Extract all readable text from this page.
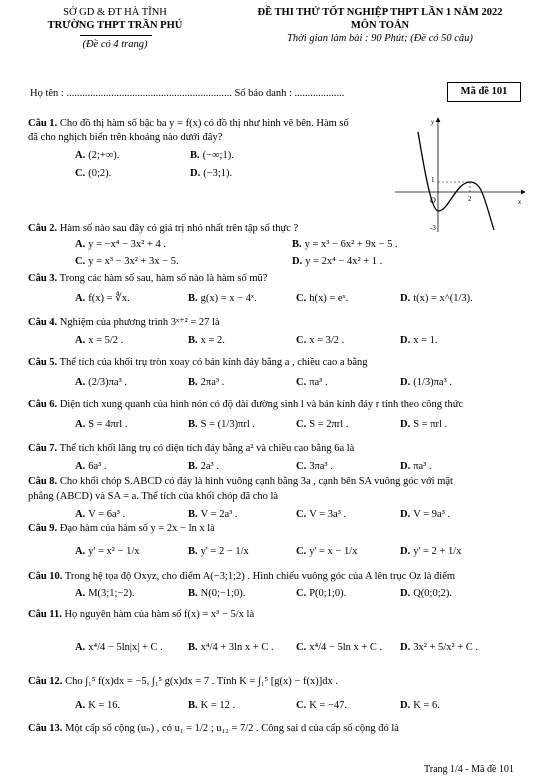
SỞ GD & ĐT HÀ TĨNH
TRƯỜNG THPT TRẦN PHÚ
(Đề có 4 trang)
ĐỀ THI THỬ TỐT NGHIỆP THPT LẦN 1 NĂM 2022
MÔN TOÁN
Thời gian làm bài : 90 Phút; (Đề có 50 câu)
Họ tên : ............................................................... Số báo danh : ...................	Mã đề 101
Câu 1. Cho đồ thị hàm số bậc ba y = f(x) có đồ thị như hình vẽ bên. Hàm số
đã cho nghịch biến trên khoảng nào dưới đây?
A. (2;+∞).	B. (−∞;1).
C. (0;2).	D. (−3;1).
y
x
O
1
2
-3
Câu 2. Hàm số nào sau đây có giá trị nhỏ nhất trên tập số thực ?
A. y = −x⁴ − 3x² + 4 .	B. y = x³ − 6x² + 9x − 5 .
C. y = x³ − 3x² + 3x − 5.	D. y = 2x⁴ − 4x² + 1 .
Câu 3. Trong các hàm số sau, hàm số nào là hàm số mũ?
A. f(x) = ∜x.	B. g(x) = x − 4ˣ.	C. h(x) = eˣ.	D. t(x) = x^(1/3).
Câu 4. Nghiệm của phương trình 3ˣ⁺² = 27 là
A. x = 5/2 .	B. x = 2.	C. x = 3/2 .	D. x = 1.
Câu 5. Thể tích của khối trụ tròn xoay có bán kính đáy bằng a , chiều cao a bằng
A. (2/3)πa³ .	B. 2πa³ .	C. πa³ .	D. (1/3)πa³ .
Câu 6. Diện tích xung quanh của hình nón có độ dài đường sinh l và bán kính đáy r tính theo công thức
A. S = 4πrl .	B. S = (1/3)πrl .	C. S = 2πrl .	D. S = πrl .
Câu 7. Thể tích khối lăng trụ có diện tích đáy bằng a² và chiều cao bằng 6a là
A. 6a³ .	B. 2a³ .	C. 3πa³ .	D. πa³ .
Câu 8. Cho khối chóp S.ABCD có đáy là hình vuông cạnh bằng 3a , cạnh bên SA vuông góc với mặt
phẳng (ABCD) và SA = a. Thể tích của khối chóp đã cho là
A. V = 6a³ .	B. V = 2a³ .	C. V = 3a³ .	D. V = 9a³ .
Câu 9. Đạo hàm của hàm số y = 2x − ln x là
A. y' = x² − 1/x	B. y' = 2 − 1/x	C. y' = x − 1/x	D. y' = 2 + 1/x
Câu 10. Trong hệ tọa độ Oxyz, cho điểm A(−3;1;2) . Hình chiếu vuông góc của A lên trục Oz là điểm
A. M(3;1;−2).	B. N(0;−1;0).	C. P(0;1;0).	D. Q(0;0;2).
Câu 11. Họ nguyên hàm của hàm số f(x) = x³ − 5/x là
A. x⁴/4 − 5ln|x| + C . B. x⁴/4 + 3ln x + C . C. x⁴/4 − 5ln x + C . D. 3x² + 5/x² + C .
Câu 12. Cho ∫₁⁵ f(x)dx = −5, ∫₁⁵ g(x)dx = 7 . Tính K = ∫₁⁵ [g(x) − f(x)]dx .
A. K = 16.	B. K = 12 .	C. K = −47.	D. K = 6.
Câu 13. Một cấp số cộng (uₙ) , có u₁ = 1/2 ; u₁₂ = 7/2 . Công sai d của cấp số cộng đó là
Trang 1/4 - Mã đề 101
